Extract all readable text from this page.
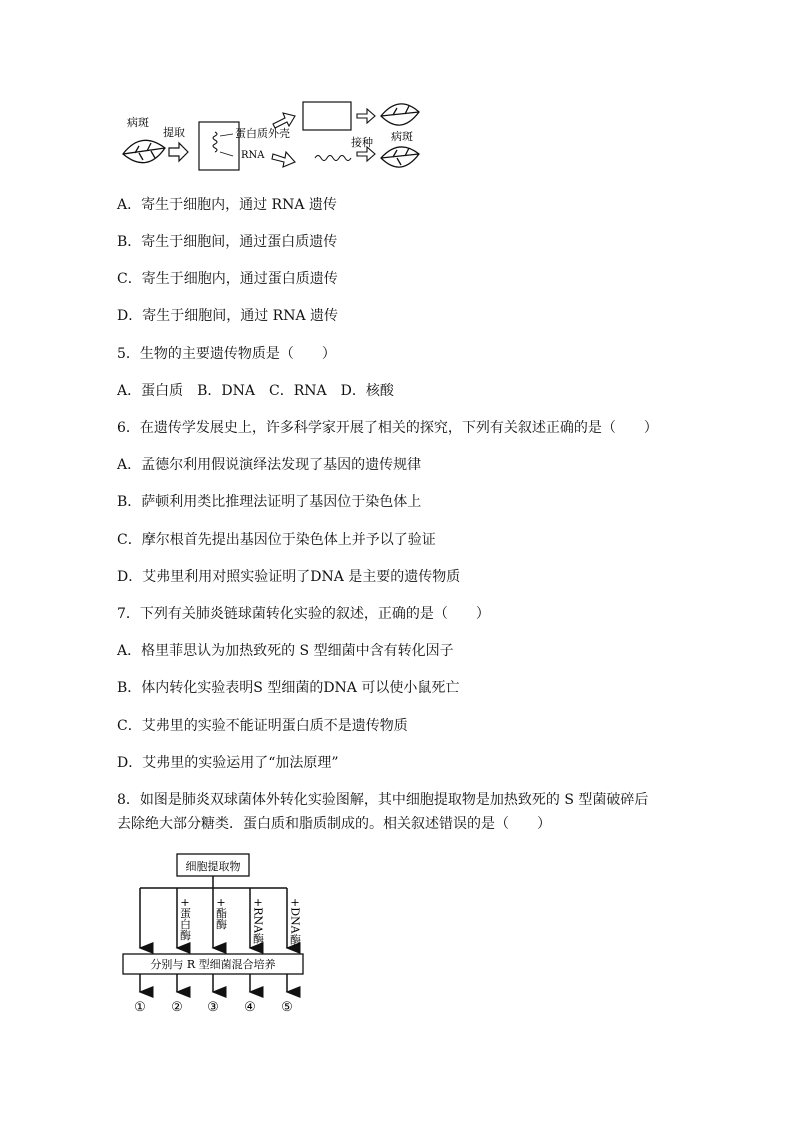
病斑
提取	蛋白质外壳
RNA
接种 病斑
A．寄生于细胞内，通过 RNA 遗传
B．寄生于细胞间，通过蛋白质遗传
C．寄生于细胞内，通过蛋白质遗传
D．寄生于细胞间，通过 RNA 遗传
5．生物的主要遗传物质是（　　）
A．蛋白质　B．DNA　C．RNA　D．核酸
6．在遗传学发展史上，许多科学家开展了相关的探究，下列有关叙述正确的是（　　）
A．孟德尔利用假说演绎法发现了基因的遗传规律
B．萨顿利用类比推理法证明了基因位于染色体上
C．摩尔根首先提出基因位于染色体上并予以了验证
D．艾弗里利用对照实验证明了DNA 是主要的遗传物质
7．下列有关肺炎链球菌转化实验的叙述，正确的是（　　）
A．格里菲思认为加热致死的 S 型细菌中含有转化因子
B．体内转化实验表明S 型细菌的DNA 可以使小鼠死亡
C．艾弗里的实验不能证明蛋白质不是遗传物质
D．艾弗里的实验运用了“加法原理”
8．如图是肺炎双球菌体外转化实验图解，其中细胞提取物是加热致死的 S 型菌破碎后
去除绝大部分糖类．蛋白质和脂质制成的。相关叙述错误的是（　　）
细胞提取物
+蛋白酶 +酯酶 +RNA酶 +DNA酶
分别与 R 型细菌混合培养
① ② ③ ④ ⑤
